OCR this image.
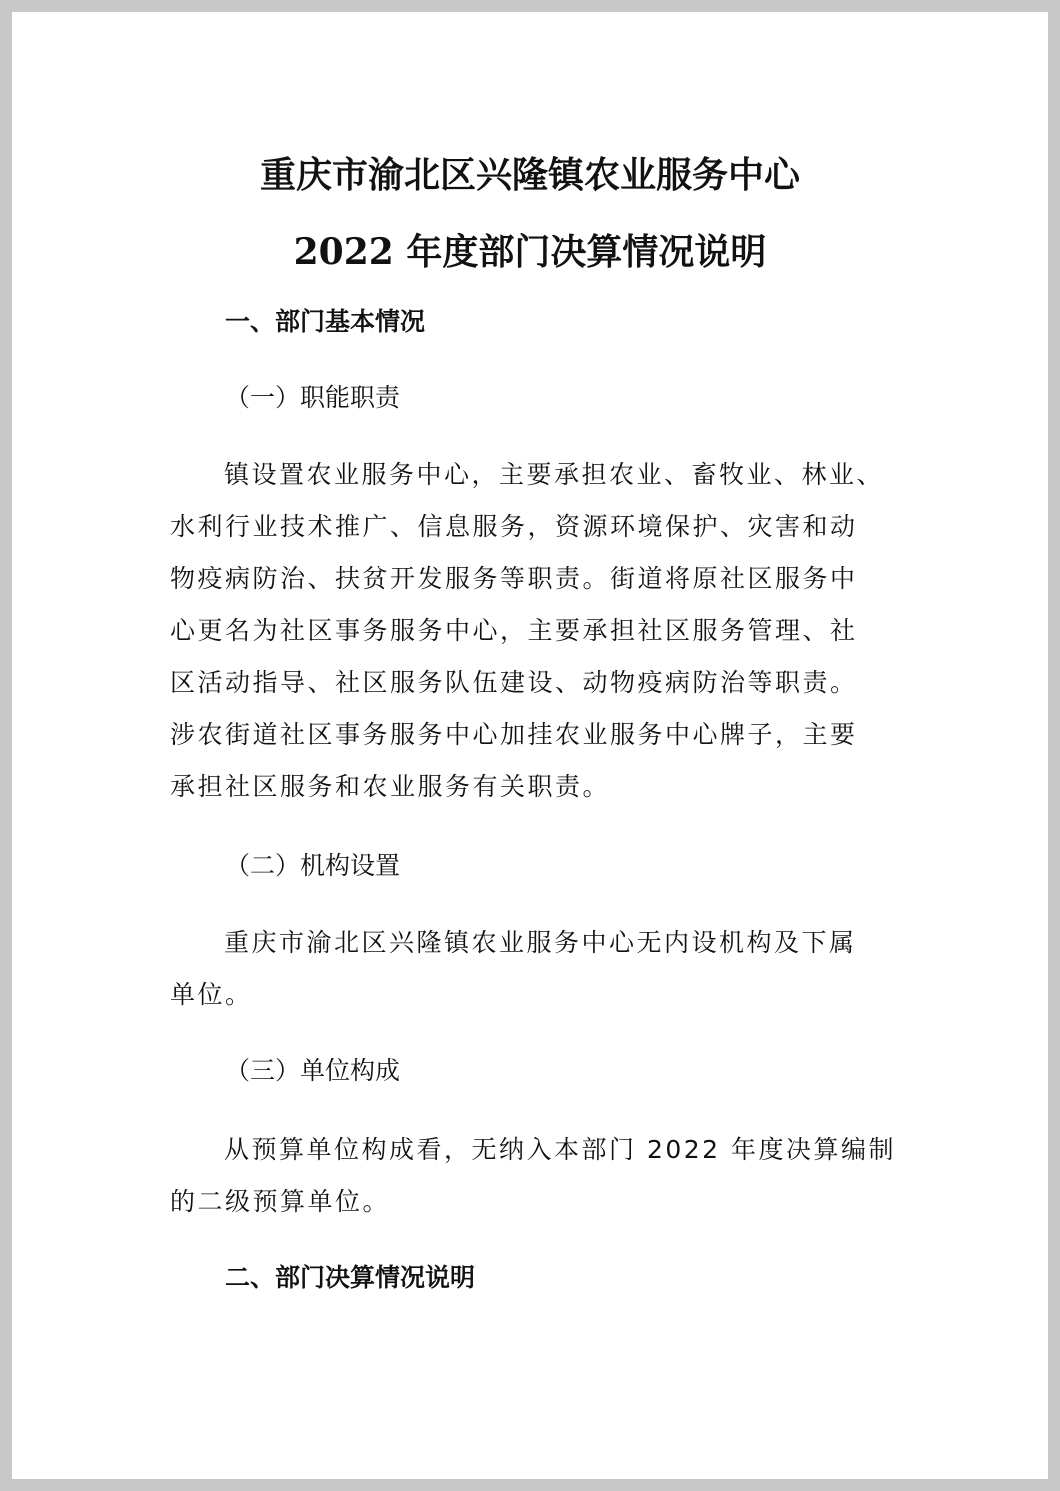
重庆市渝北区兴隆镇农业服务中心
2022 年度部门决算情况说明
一、部门基本情况
（一）职能职责
镇设置农业服务中心，主要承担农业、畜牧业、林业、
水利行业技术推广、信息服务，资源环境保护、灾害和动
物疫病防治、扶贫开发服务等职责。街道将原社区服务中
心更名为社区事务服务中心，主要承担社区服务管理、社
区活动指导、社区服务队伍建设、动物疫病防治等职责。
涉农街道社区事务服务中心加挂农业服务中心牌子，主要
承担社区服务和农业服务有关职责。
（二）机构设置
重庆市渝北区兴隆镇农业服务中心无内设机构及下属
单位。
（三）单位构成
从预算单位构成看，无纳入本部门 2022 年度决算编制
的二级预算单位。
二、部门决算情况说明
